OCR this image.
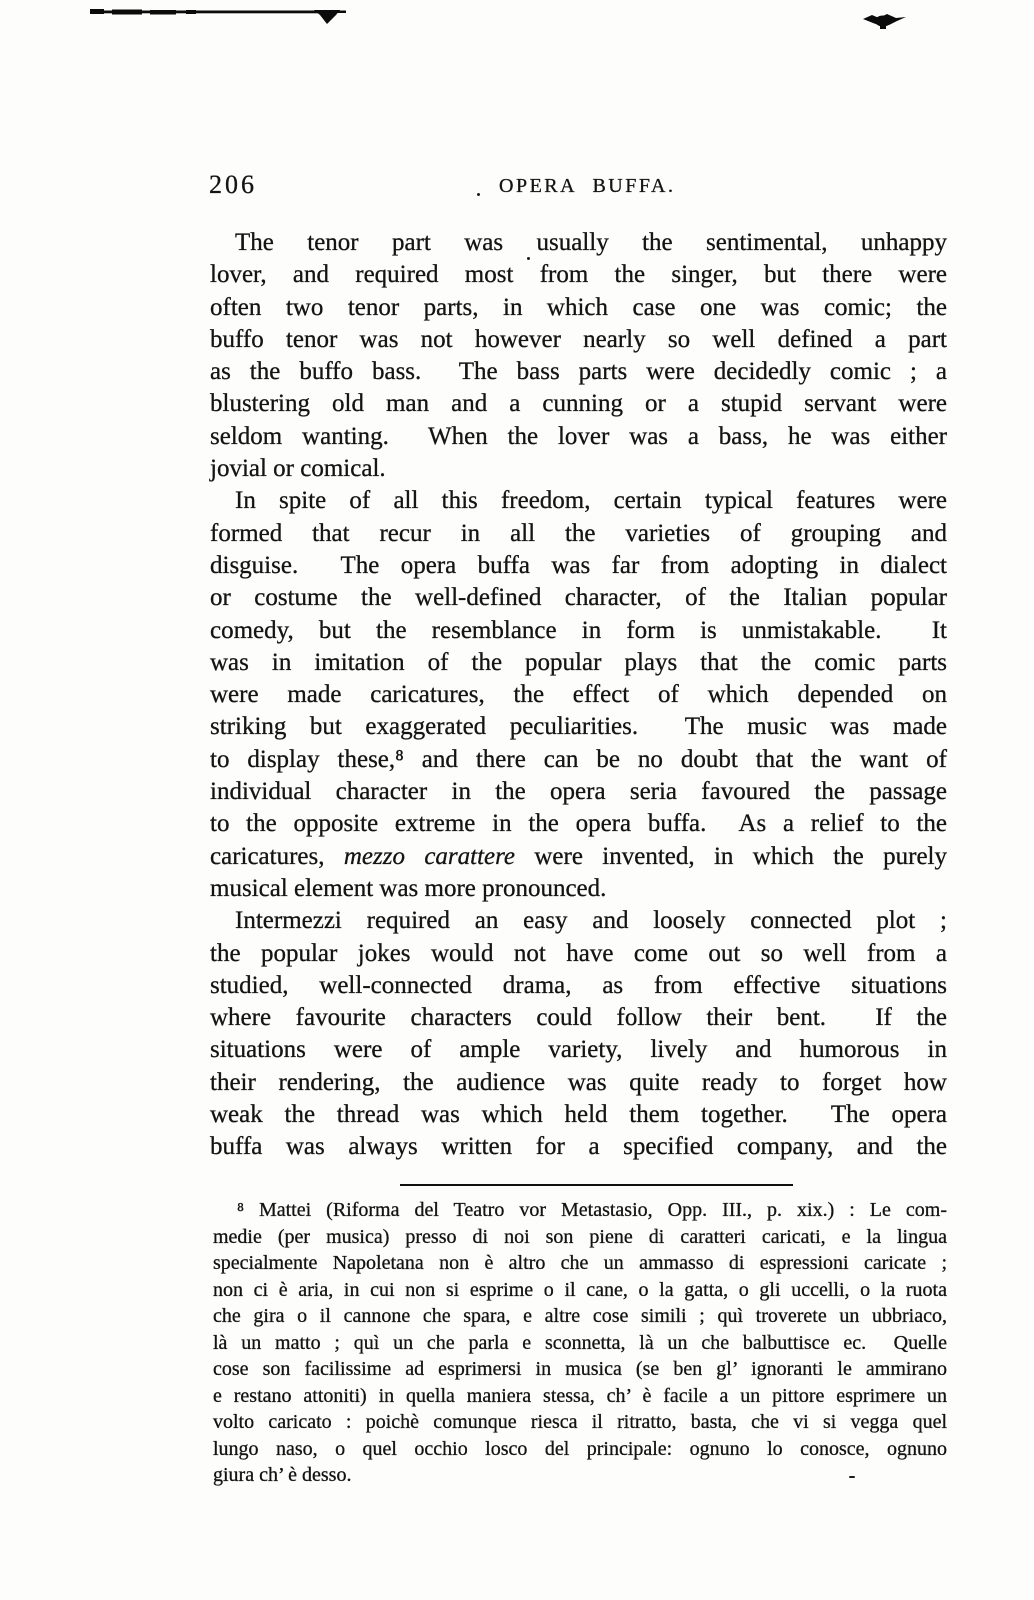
206	OPERA BUFFA.
The tenor part was usually the sentimental, unhappy
lover, and required most from the singer, but there were
often two tenor parts, in which case one was comic; the
buffo tenor was not however nearly so well defined a part
as the buffo bass.  The bass parts were decidedly comic ; a
blustering old man and a cunning or a stupid servant were
seldom wanting.  When the lover was a bass, he was either
jovial or comical.
In spite of all this freedom, certain typical features were
formed that recur in all the varieties of grouping and
disguise.  The opera buffa was far from adopting in dialect
or costume the well-defined character, of the Italian popular
comedy, but the resemblance in form is unmistakable.  It
was in imitation of the popular plays that the comic parts
were made caricatures, the effect of which depended on
striking but exaggerated peculiarities.  The music was made
to display these,⁸ and there can be no doubt that the want of
individual character in the opera seria favoured the passage
to the opposite extreme in the opera buffa.  As a relief to the
caricatures, mezzo carattere were invented, in which the purely
musical element was more pronounced.
Intermezzi required an easy and loosely connected plot ;
the popular jokes would not have come out so well from a
studied, well-connected drama, as from effective situations
where favourite characters could follow their bent.  If the
situations were of ample variety, lively and humorous in
their rendering, the audience was quite ready to forget how
weak the thread was which held them together.  The opera
buffa was always written for a specified company, and the
⁸ Mattei (Riforma del Teatro vor Metastasio, Opp. III., p. xix.) : Le com-
medie (per musica) presso di noi son piene di caratteri caricati, e la lingua
specialmente Napoletana non è altro che un ammasso di espressioni caricate ;
non ci è aria, in cui non si esprime o il cane, o la gatta, o gli uccelli, o la ruota
che gira o il cannone che spara, e altre cose simili ; quì troverete un ubbriaco,
là un matto ; quì un che parla e sconnetta, là un che balbuttisce ec.  Quelle
cose son facilissime ad esprimersi in musica (se ben gl’ ignoranti le ammirano
e restano attoniti) in quella maniera stessa, ch’ è facile a un pittore esprimere un
volto caricato : poichè comunque riesca il ritratto, basta, che vi si vegga quel
lungo naso, o quel occhio losco del principale: ognuno lo conosce, ognuno
giura ch’ è desso.
